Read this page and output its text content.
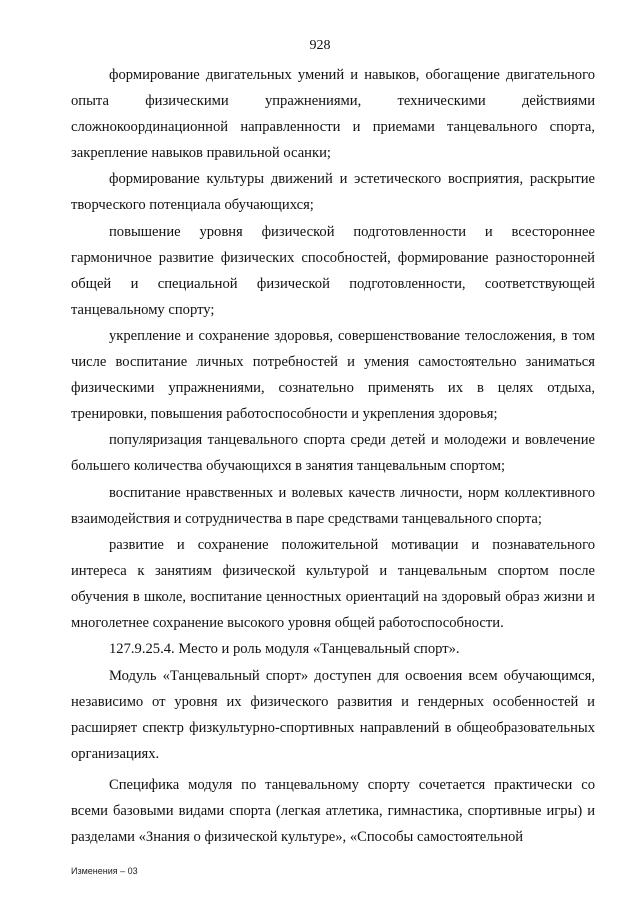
928

формирование двигательных умений и навыков, обогащение двигательного опыта физическими упражнениями, техническими действиями сложнокоординационной направленности и приемами танцевального спорта, закрепление навыков правильной осанки;

формирование культуры движений и эстетического восприятия, раскрытие творческого потенциала обучающихся;

повышение уровня физической подготовленности и всестороннее гармоничное развитие физических способностей, формирование разносторонней общей и специальной физической подготовленности, соответствующей танцевальному спорту;

укрепление и сохранение здоровья, совершенствование телосложения, в том числе воспитание личных потребностей и умения самостоятельно заниматься физическими упражнениями, сознательно применять их в целях отдыха, тренировки, повышения работоспособности и укрепления здоровья;

популяризация танцевального спорта среди детей и молодежи и вовлечение большего количества обучающихся в занятия танцевальным спортом;

воспитание нравственных и волевых качеств личности, норм коллективного взаимодействия и сотрудничества в паре средствами танцевального спорта;

развитие и сохранение положительной мотивации и познавательного интереса к занятиям физической культурой и танцевальным спортом после обучения в школе, воспитание ценностных ориентаций на здоровый образ жизни и многолетнее сохранение высокого уровня общей работоспособности.

127.9.25.4. Место и роль модуля «Танцевальный спорт».

Модуль «Танцевальный спорт» доступен для освоения всем обучающимся, независимо от уровня их физического развития и гендерных особенностей и расширяет спектр физкультурно-спортивных направлений в общеобразовательных организациях.

Специфика модуля по танцевальному спорту сочетается практически со всеми базовыми видами спорта (легкая атлетика, гимнастика, спортивные игры) и разделами «Знания о физической культуре», «Способы самостоятельной

Изменения – 03
